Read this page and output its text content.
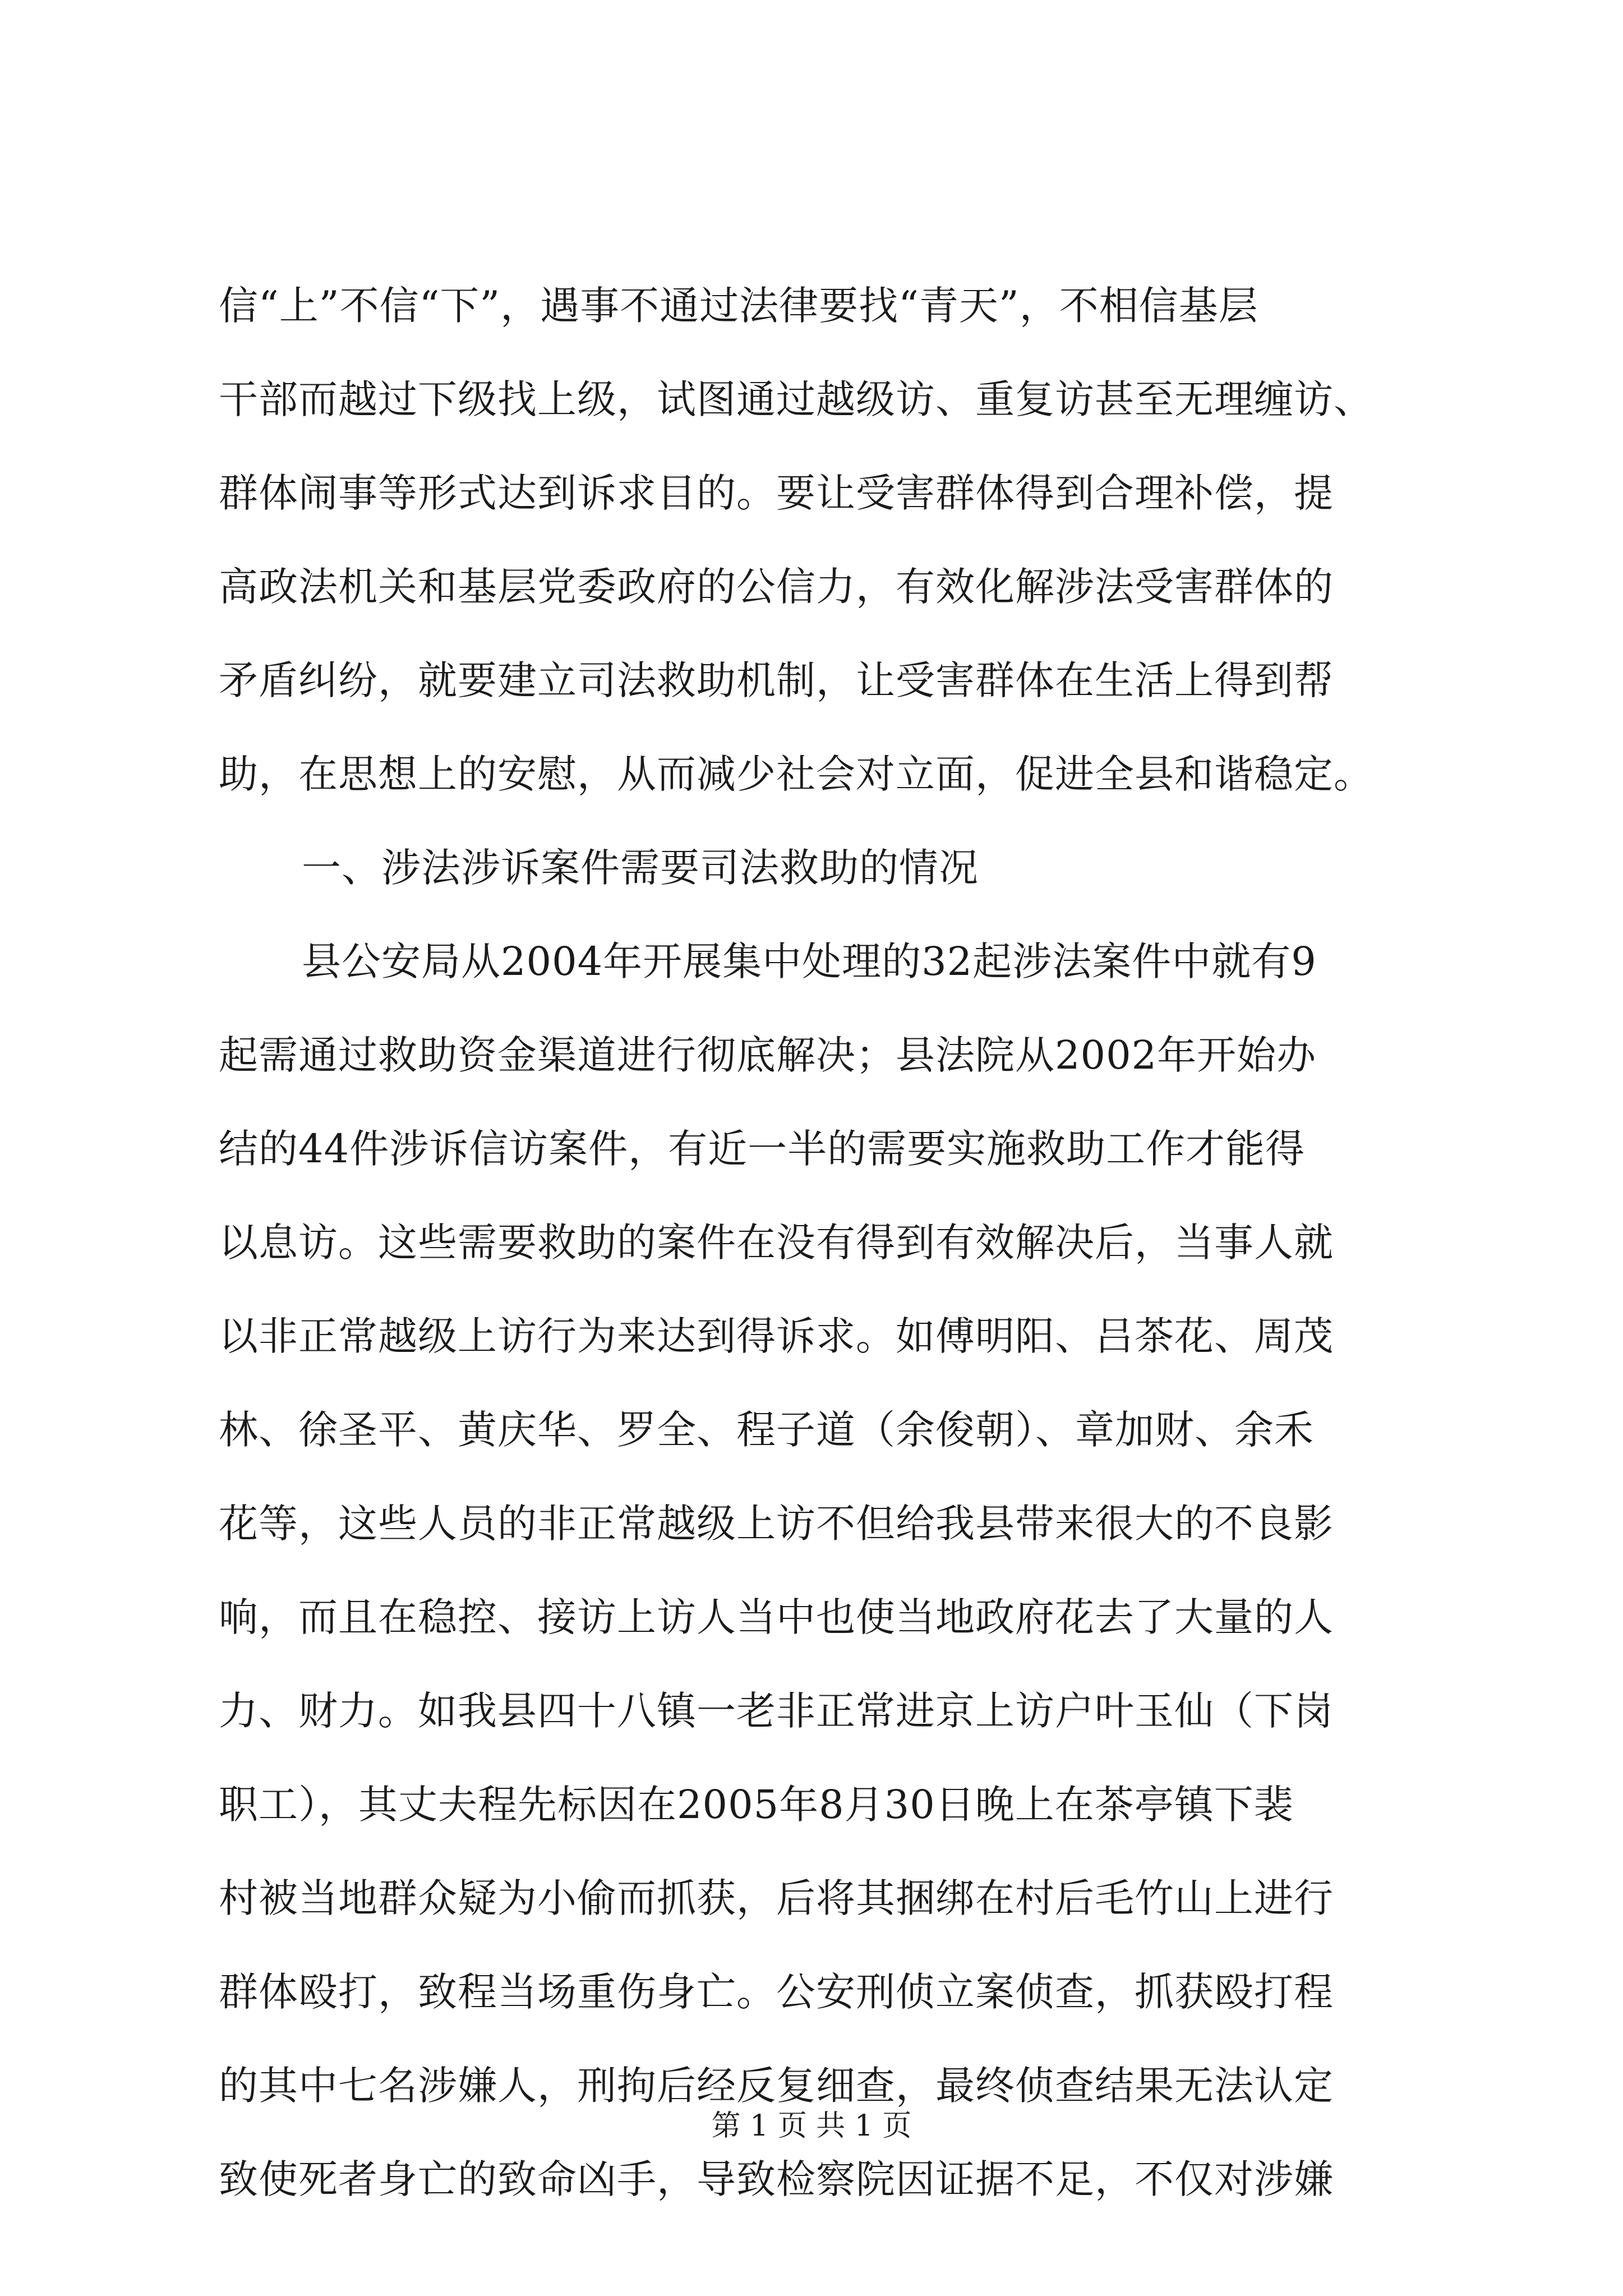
信“上”不信“下”，遇事不通过法律要找“青天”，不相信基层
干部而越过下级找上级，试图通过越级访、重复访甚至无理缠访、
群体闹事等形式达到诉求目的。要让受害群体得到合理补偿，提
高政法机关和基层党委政府的公信力，有效化解涉法受害群体的
矛盾纠纷，就要建立司法救助机制，让受害群体在生活上得到帮
助，在思想上的安慰，从而减少社会对立面，促进全县和谐稳定。
一、涉法涉诉案件需要司法救助的情况
县公安局从2004年开展集中处理的32起涉法案件中就有9
起需通过救助资金渠道进行彻底解决；县法院从2002年开始办
结的44件涉诉信访案件，有近一半的需要实施救助工作才能得
以息访。这些需要救助的案件在没有得到有效解决后，当事人就
以非正常越级上访行为来达到得诉求。如傅明阳、吕茶花、周茂
林、徐圣平、黄庆华、罗全、程子道（余俊朝）、章加财、余禾
花等，这些人员的非正常越级上访不但给我县带来很大的不良影
响，而且在稳控、接访上访人当中也使当地政府花去了大量的人
力、财力。如我县四十八镇一老非正常进京上访户叶玉仙（下岗
职工），其丈夫程先标因在2005年8月30日晚上在茶亭镇下裴
村被当地群众疑为小偷而抓获，后将其捆绑在村后毛竹山上进行
群体殴打，致程当场重伤身亡。公安刑侦立案侦查，抓获殴打程
的其中七名涉嫌人，刑拘后经反复细查，最终侦查结果无法认定
致使死者身亡的致命凶手，导致检察院因证据不足，不仅对涉嫌
第 1 页 共 1 页
